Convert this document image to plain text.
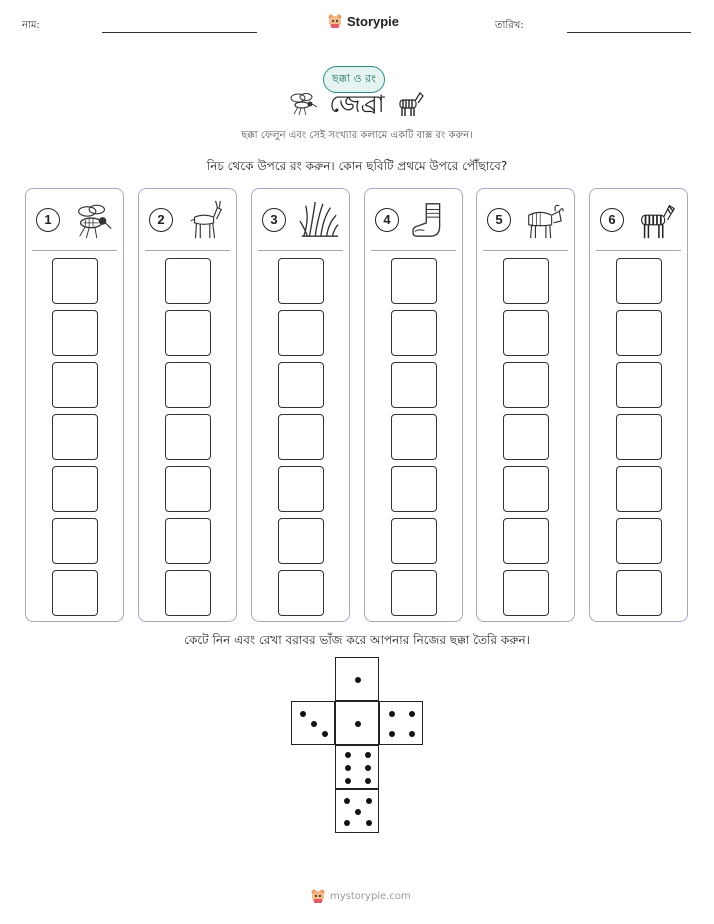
নাম:	Storypie	তারিখ:
ছক্কা ও রং
জেব্রা
ছক্কা ফেলুন এবং সেই সংখ্যার কলামে একটি বাক্স রং করুন।
নিচ থেকে উপরে রং করুন। কোন ছবিটি প্রথমে উপরে পৌঁছাবে?
1	2	3	4	5	6
কেটে নিন এবং রেখা বরাবর ভাঁজ করে আপনার নিজের ছক্কা তৈরি করুন।
mystorypie.com
